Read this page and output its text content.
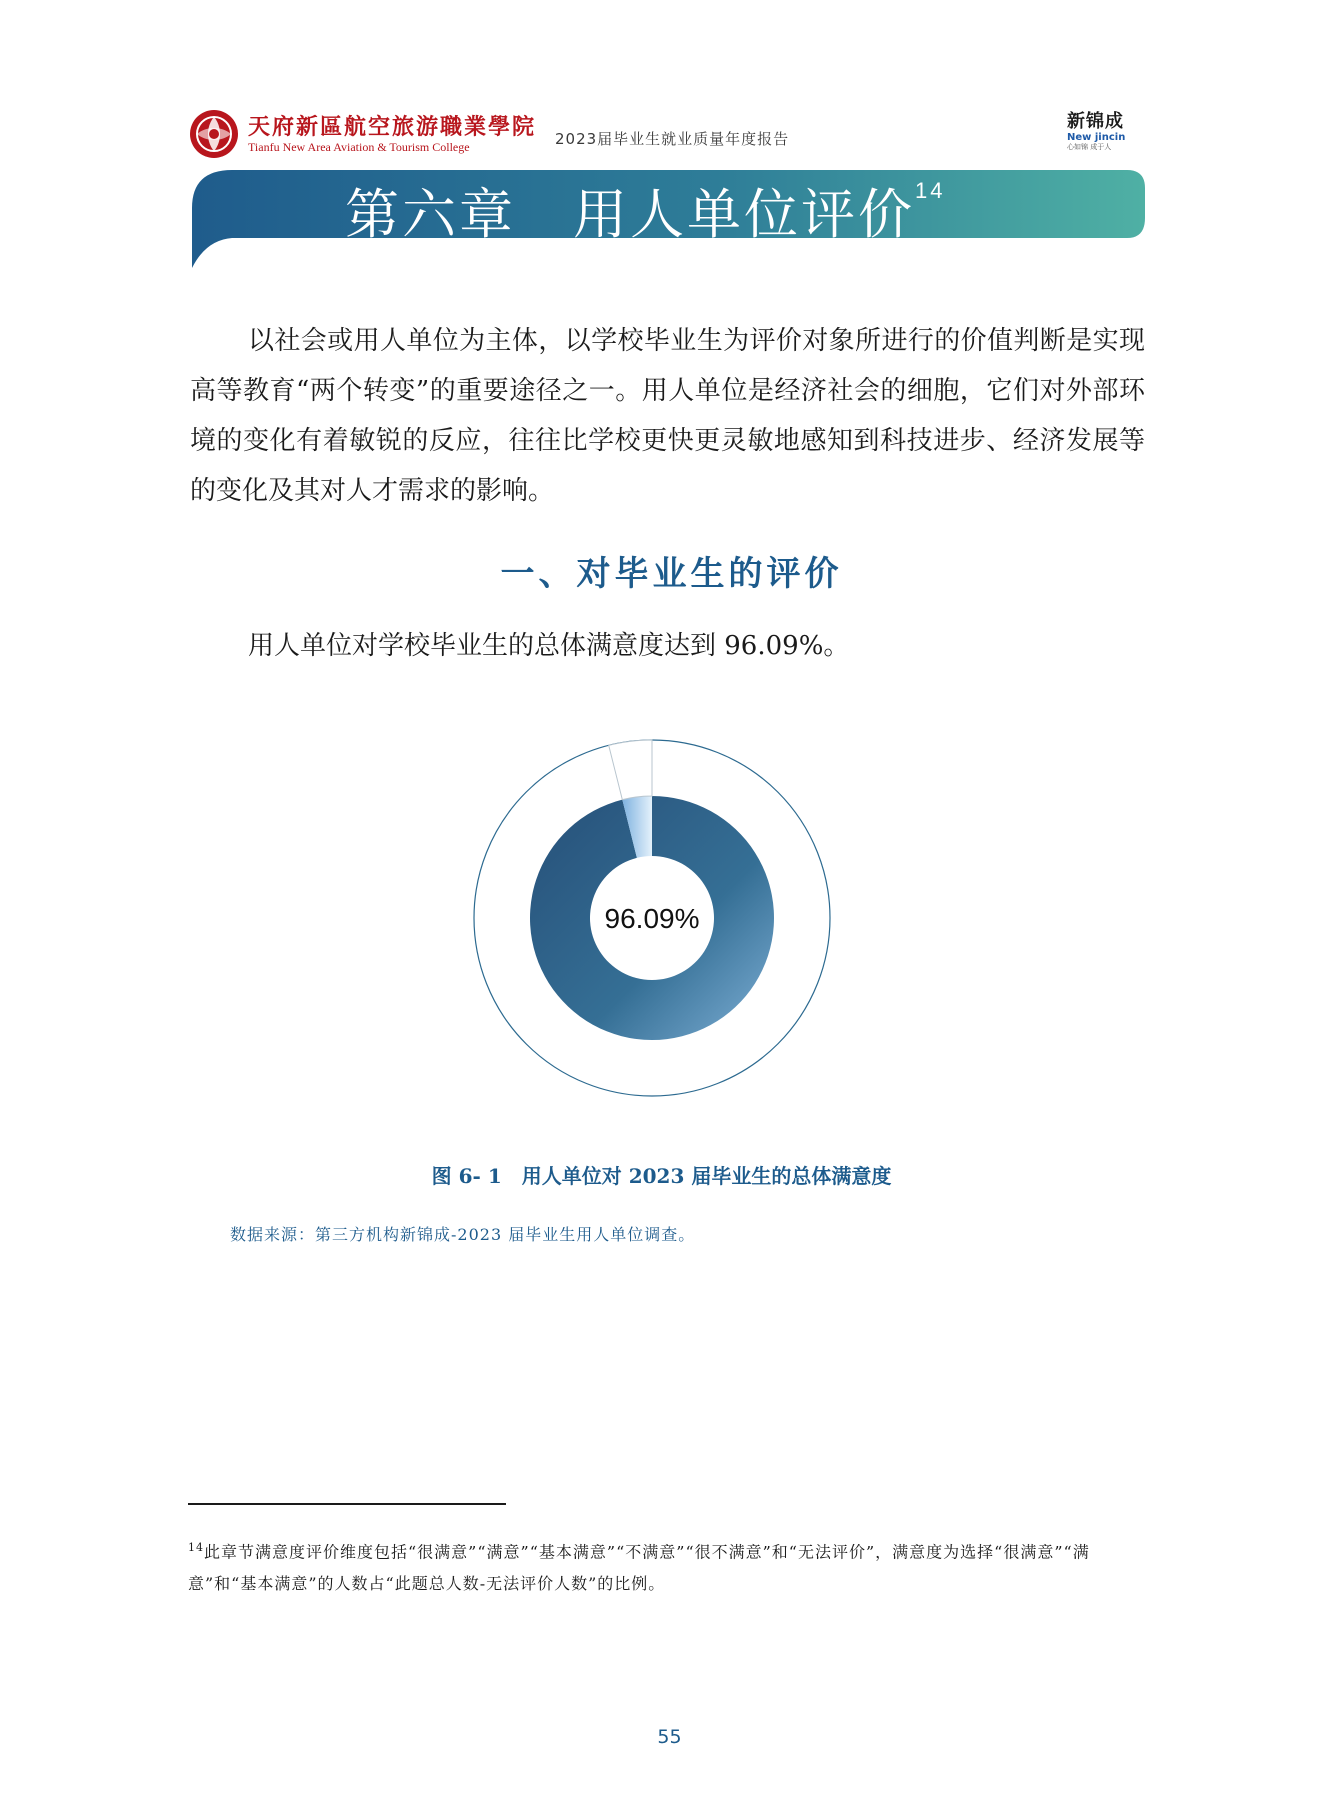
天府新區航空旅游職業學院
Tianfu New Area Aviation & Tourism College	2023届毕业生就业质量年度报告
新锦成
New jincin
心如锦 成于人
第六章　用人单位评价$^{14}$
以社会或用人单位为主体，以学校毕业生为评价对象所进行的价值判断是实现高等教育“两个转变”的重要途径之一。用人单位是经济社会的细胞，它们对外部环境的变化有着敏锐的反应，往往比学校更快更灵敏地感知到科技进步、经济发展等的变化及其对人才需求的影响。
一、对毕业生的评价
用人单位对学校毕业生的总体满意度达到 96.09%。
96.09%
图 6- 1　用人单位对 2023 届毕业生的总体满意度
数据来源：第三方机构新锦成-2023 届毕业生用人单位调查。
$^{14}$此章节满意度评价维度包括“很满意”“满意”“基本满意”“不满意”“很不满意”和“无法评价”，满意度为选择“很满意”“满意”和“基本满意”的人数占“此题总人数-无法评价人数”的比例。
55
